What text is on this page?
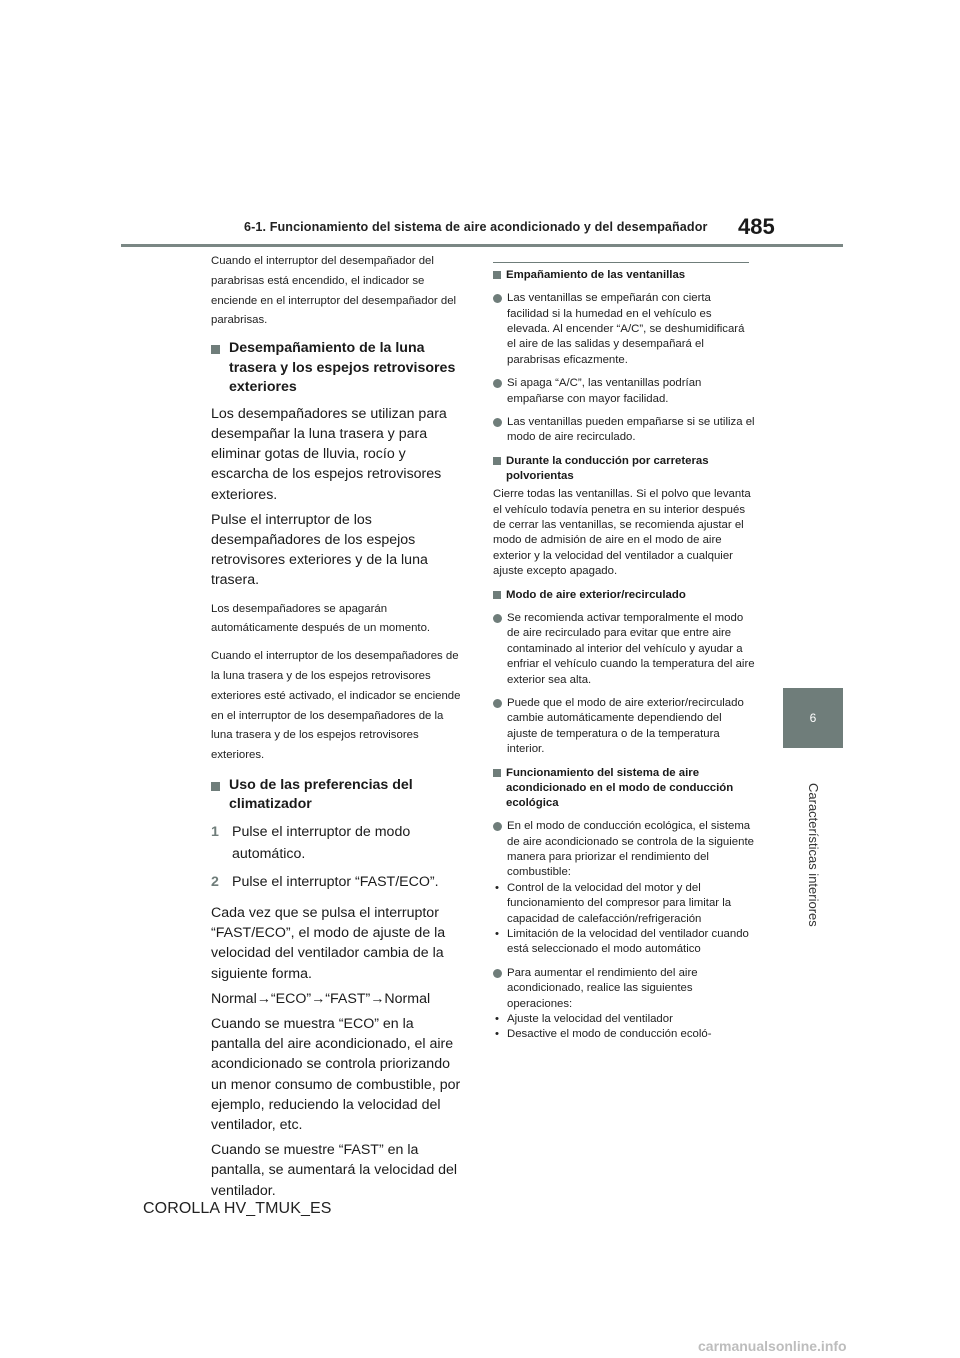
6-1. Funcionamiento del sistema de aire acondicionado y del desempañador 485
6
Características interiores

Cuando el interruptor del desempañador del parabrisas está encendido, el indicador se enciende en el interruptor del desempañador del parabrisas.

Desempañamiento de la luna trasera y los espejos retrovisores exteriores

Los desempañadores se utilizan para desempañar la luna trasera y para eliminar gotas de lluvia, rocío y escarcha de los espejos retrovisores exteriores.

Pulse el interruptor de los desempañadores de los espejos retrovisores exteriores y de la luna trasera.

Los desempañadores se apagarán automáticamente después de un momento.

Cuando el interruptor de los desempañadores de la luna trasera y de los espejos retrovisores exteriores esté activado, el indicador se enciende en el interruptor de los desempañadores de la luna trasera y de los espejos retrovisores exteriores.

Uso de las preferencias del climatizador
1 Pulse el interruptor de modo automático.
2 Pulse el interruptor “FAST/ECO”.

Cada vez que se pulsa el interruptor “FAST/ECO”, el modo de ajuste de la velocidad del ventilador cambia de la siguiente forma.

Normal→“ECO”→“FAST”→Normal

Cuando se muestra “ECO” en la pantalla del aire acondicionado, el aire acondicionado se controla priorizando un menor consumo de combustible, por ejemplo, reduciendo la velocidad del ventilador, etc.

Cuando se muestre “FAST” en la pantalla, se aumentará la velocidad del ventilador.

Empañamiento de las ventanillas
Las ventanillas se empeñarán con cierta facilidad si la humedad en el vehículo es elevada. Al encender “A/C”, se deshumidificará el aire de las salidas y desempañará el parabrisas eficazmente.
Si apaga “A/C”, las ventanillas podrían empañarse con mayor facilidad.
Las ventanillas pueden empañarse si se utiliza el modo de aire recirculado.
Durante la conducción por carreteras polvorientas

Cierre todas las ventanillas. Si el polvo que levanta el vehículo todavía penetra en su interior después de cerrar las ventanillas, se recomienda ajustar el modo de admisión de aire en el modo de aire exterior y la velocidad del ventilador a cualquier ajuste excepto apagado.

Modo de aire exterior/recirculado
Se recomienda activar temporalmente el modo de aire recirculado para evitar que entre aire contaminado al interior del vehículo y ayudar a enfriar el vehículo cuando la temperatura del aire exterior sea alta.
Puede que el modo de aire exterior/recirculado cambie automáticamente dependiendo del ajuste de temperatura o de la temperatura interior.
Funcionamiento del sistema de aire acondicionado en el modo de conducción ecológica
En el modo de conducción ecológica, el sistema de aire acondicionado se controla de la siguiente manera para priorizar el rendimiento del combustible:
• Control de la velocidad del motor y del funcionamiento del compresor para limitar la capacidad de calefacción/refrigeración
• Limitación de la velocidad del ventilador cuando está seleccionado el modo automático
Para aumentar el rendimiento del aire acondicionado, realice las siguientes operaciones:
• Ajuste la velocidad del ventilador
• Desactive el modo de conducción ecoló-
COROLLA HV_TMUK_ES
carmanualsonline.info
